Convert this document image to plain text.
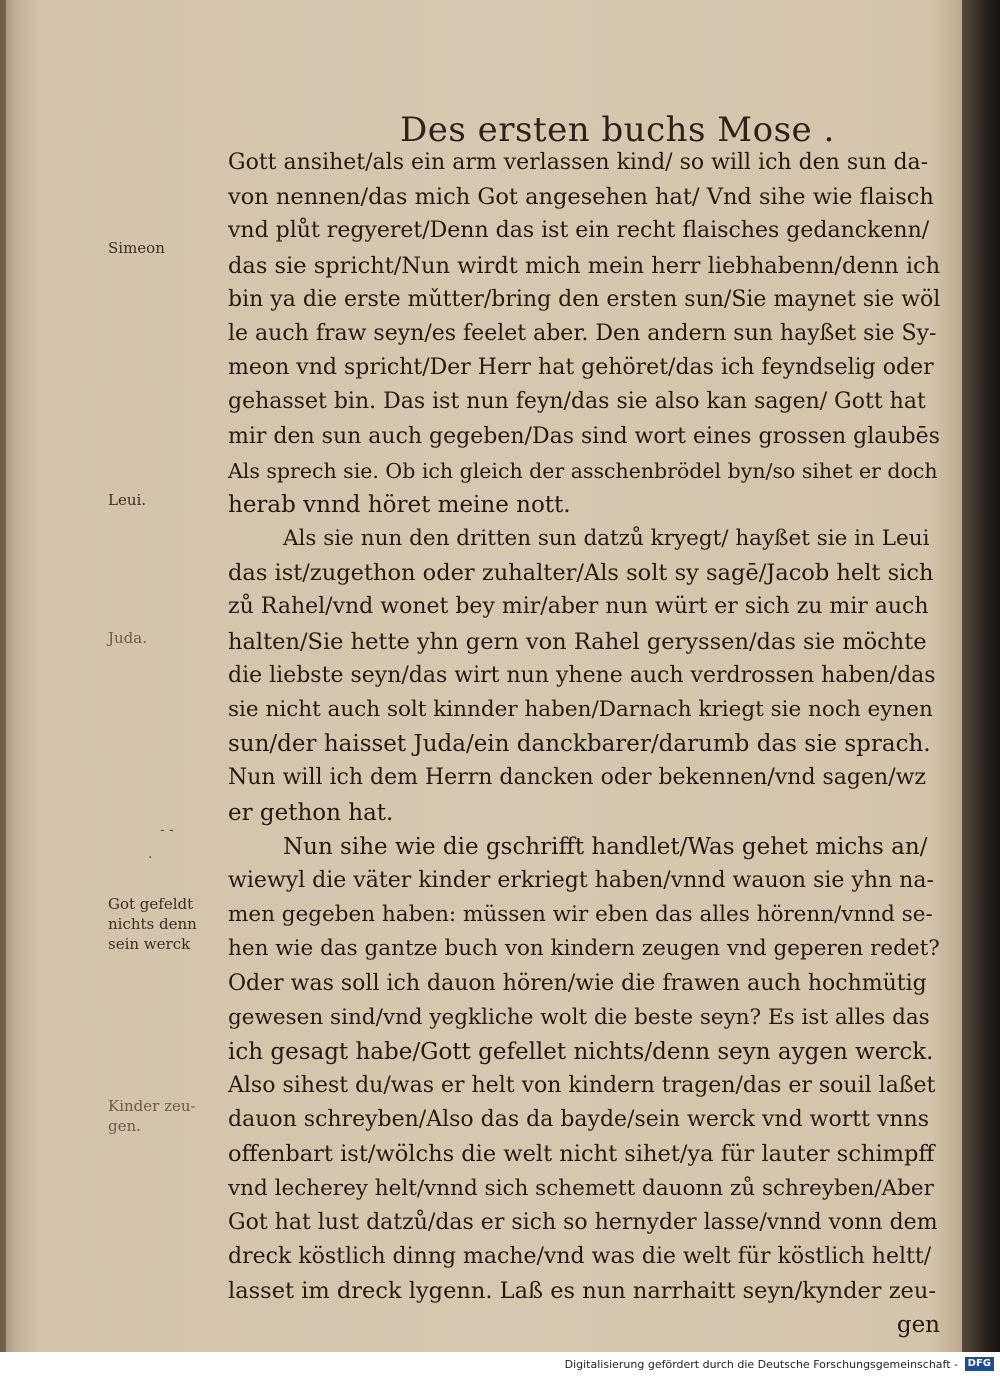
Des ersten buchs Mose .
Gott ansihet/als ein arm verlassen kind/ so will ich den sun da-
von nennen/das mich Got angesehen hat/ Vnd sihe wie flaisch
vnd plůt regyeret/Denn das ist ein recht flaisches gedanckenn/
das sie spricht/Nun wirdt mich mein herr liebhabenn/denn ich
bin ya die erste mǔtter/bring den ersten sun/Sie maynet sie wöl
le auch fraw seyn/es feelet aber. Den andern sun hayßet sie Sy-
meon vnd spricht/Der Herr hat gehöret/das ich feyndselig oder
gehasset bin. Das ist nun feyn/das sie also kan sagen/ Gott hat
mir den sun auch gegeben/Das sind wort eines grossen glaubēs
Als sprech sie. Ob ich gleich der asschenbrödel byn/so sihet er doch
herab vnnd höret meine nott.
Als sie nun den dritten sun datzů kryegt/ hayßet sie in Leui
das ist/zugethon oder zuhalter/Als solt sy sagē/Jacob helt sich
zů Rahel/vnd wonet bey mir/aber nun würt er sich zu mir auch
halten/Sie hette yhn gern von Rahel geryssen/das sie möchte
die liebste seyn/das wirt nun yhene auch verdrossen haben/das
sie nicht auch solt kinnder haben/Darnach kriegt sie noch eynen
sun/der haisset Juda/ein danckbarer/darumb das sie sprach.
Nun will ich dem Herrn dancken oder bekennen/vnd sagen/wz
er gethon hat.
Nun sihe wie die gschrifft handlet/Was gehet michs an/
wiewyl die väter kinder erkriegt haben/vnnd wauon sie yhn na-
men gegeben haben: müssen wir eben das alles hörenn/vnnd se-
hen wie das gantze buch von kindern zeugen vnd geperen redet?
Oder was soll ich dauon hören/wie die frawen auch hochmütig
gewesen sind/vnd yegkliche wolt die beste seyn? Es ist alles das
ich gesagt habe/Gott gefellet nichts/denn seyn aygen werck.
Also sihest du/was er helt von kindern tragen/das er souil laßet
dauon schreyben/Also das da bayde/sein werck vnd wortt vnns
offenbart ist/wölchs die welt nicht sihet/ya für lauter schimpff
vnd lecherey helt/vnnd sich schemett dauonn zů schreyben/Aber
Got hat lust datzů/das er sich so hernyder lasse/vnnd vonn dem
dreck köstlich dinng mache/vnd was die welt für köstlich heltt/
lasset im dreck lygenn. Laß es nun narrhaitt seyn/kynder zeu-
gen
Simeon
Leui.
Juda.
Got gefeldt
nichts denn
sein werck
Kinder zeu-
gen.
‐ ‐
·
Digitalisierung gefördert durch die Deutsche Forschungsgemeinschaft - DFG
